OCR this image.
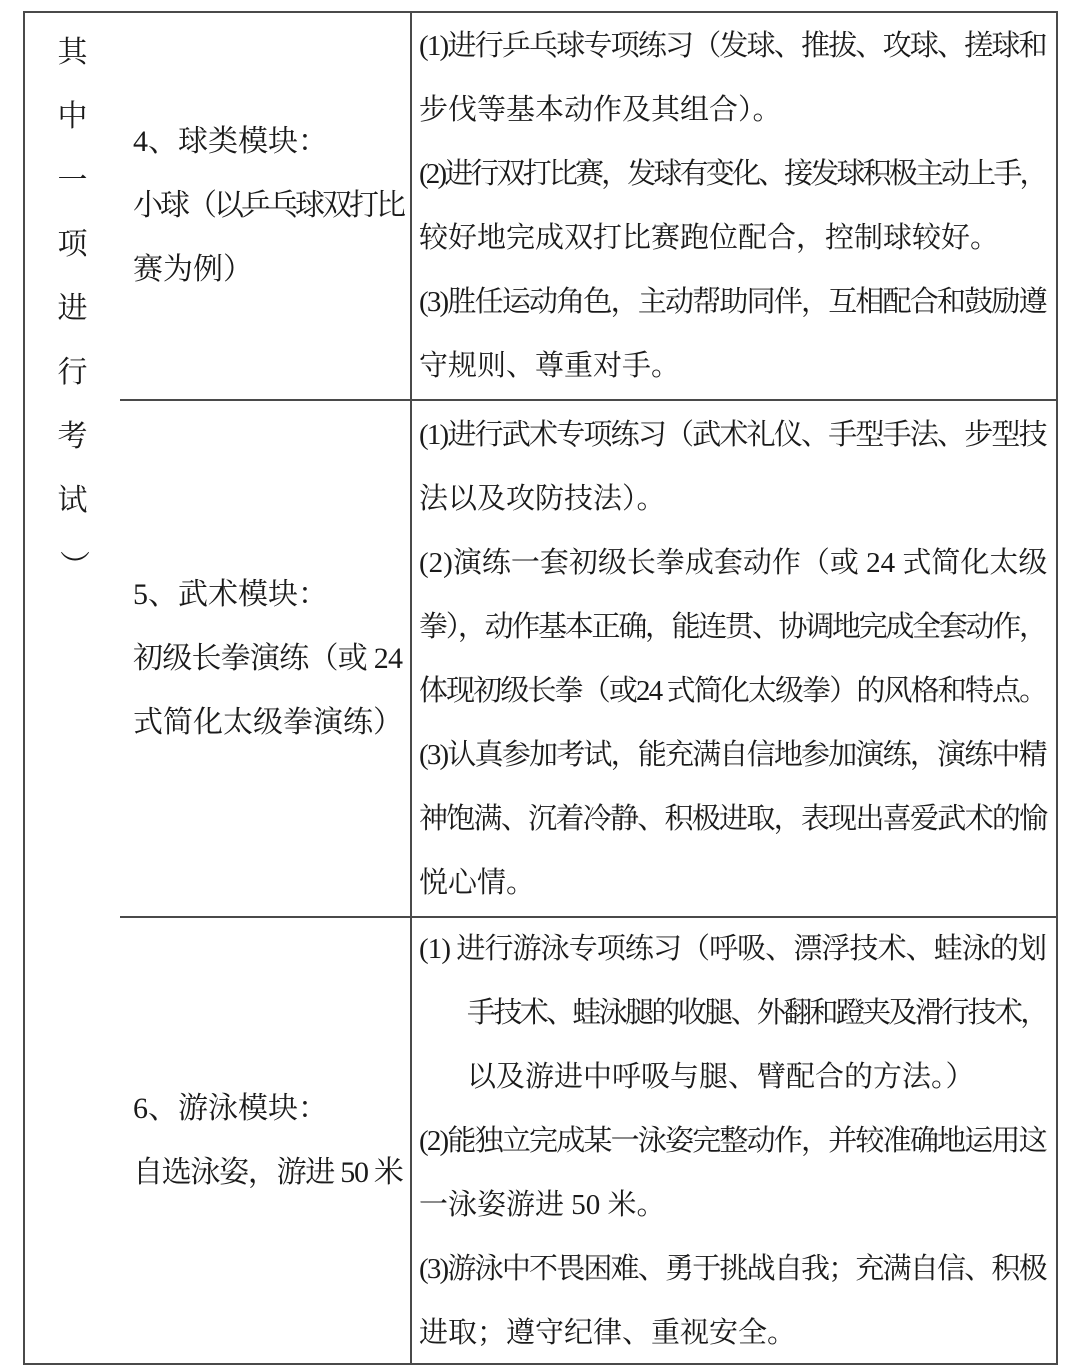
其
中
一
项
进
行
考
试
）
4、球类模块：
小球（以乒乓球双打比
赛为例）
(1)进行乒乓球专项练习（发球、推拔、攻球、搓球和
步伐等基本动作及其组合）。
(2)进行双打比赛，发球有变化、接发球积极主动上手，
较好地完成双打比赛跑位配合，控制球较好。
(3)胜任运动角色，主动帮助同伴，互相配合和鼓励遵
守规则、尊重对手。
5、武术模块：
初级长拳演练（或 24
式简化太级拳演练）
(1)进行武术专项练习（武术礼仪、手型手法、步型技
法以及攻防技法）。
(2)演练一套初级长拳成套动作（或 24 式简化太级
拳），动作基本正确，能连贯、协调地完成全套动作，
体现初级长拳（或24 式简化太级拳）的风格和特点。
(3)认真参加考试，能充满自信地参加演练，演练中精
神饱满、沉着冷静、积极进取，表现出喜爱武术的愉
悦心情。
6、游泳模块：
自选泳姿，游进 50 米
(1) 进行游泳专项练习（呼吸、漂浮技术、蛙泳的划
手技术、蛙泳腿的收腿、外翻和蹬夹及滑行技术，
以及游进中呼吸与腿、臂配合的方法。）
(2)能独立完成某一泳姿完整动作，并较准确地运用这
一泳姿游进 50 米。
(3)游泳中不畏困难、勇于挑战自我；充满自信、积极
进取；遵守纪律、重视安全。
